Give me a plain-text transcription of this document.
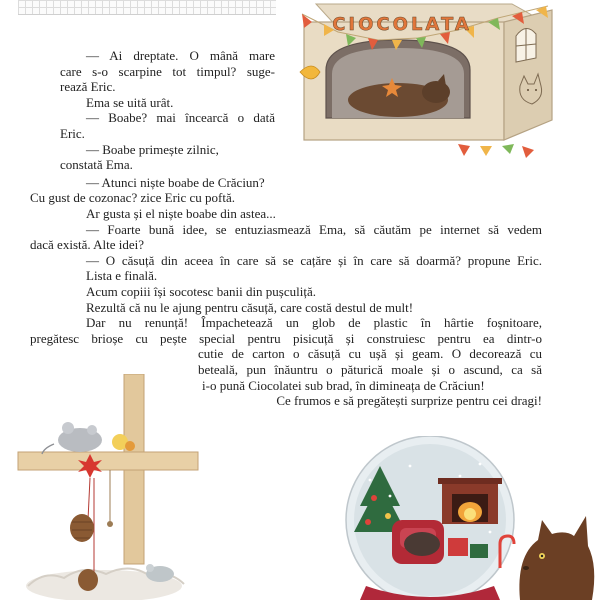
— Ai dreptate. O mână mare
care s-o scarpine tot timpul? suge-
rează Eric.
Ema se uită urât.
— Boabe? mai încearcă o dată
Eric.
— Boabe primește zilnic,
constată Ema.
— Atunci niște boabe de Crăciun?
Cu gust de cozonac? zice Eric cu poftă.
Ar gusta și el niște boabe din astea...
— Foarte bună idee, se entuziasmează Ema, să căutăm pe internet să vedem
dacă există. Alte idei?
— O căsuță din aceea în care să se cațăre și în care să doarmă? propune Eric.
Lista e finală.
Acum copiii își socotesc banii din pușculiță.
Rezultă că nu le ajung pentru căsuță, care costă destul de mult!
Dar nu renunță! Împachetează un glob de plastic în hârtie foșnitoare,
pregătesc brioșe cu pește special pentru pisicuță și construiesc pentru ea dintr-o
cutie de carton o căsuță cu ușă și geam. O decorează cu
beteală, pun înăuntru o păturică moale și o ascund, ca să
i-o pună Ciocolatei sub brad, în dimineața de Crăciun!
Ce frumos e să pregătești surprize pentru cei dragi!
CIOCOLATA
